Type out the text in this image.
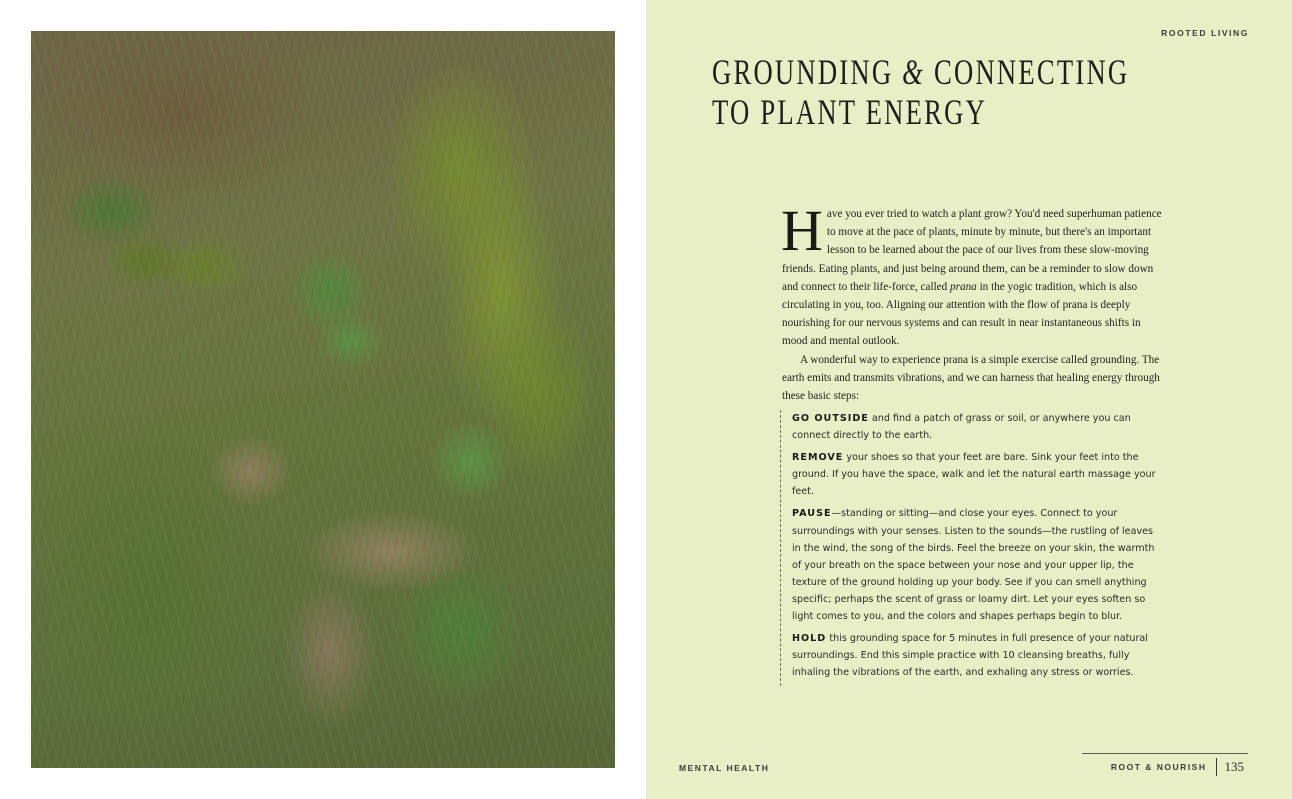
ROOTED LIVING
GROUNDING & CONNECTING
TO PLANT ENERGY

Have you ever tried to watch a plant grow? You'd need superhuman patience to move at the pace of plants, minute by minute, but there's an important lesson to be learned about the pace of our lives from these slow-moving friends. Eating plants, and just being around them, can be a reminder to slow down and connect to their life-force, called prana in the yogic tradition, which is also circulating in you, too. Aligning our attention with the flow of prana is deeply nourishing for our nervous systems and can result in near instantaneous shifts in mood and mental outlook.

A wonderful way to experience prana is a simple exercise called grounding. The earth emits and transmits vibrations, and we can harness that healing energy through these basic steps:

GO OUTSIDE and find a patch of grass or soil, or anywhere you can connect directly to the earth.
REMOVE your shoes so that your feet are bare. Sink your feet into the ground. If you have the space, walk and let the natural earth massage your feet.
PAUSE—standing or sitting—and close your eyes. Connect to your surroundings with your senses. Listen to the sounds—the rustling of leaves in the wind, the song of the birds. Feel the breeze on your skin, the warmth of your breath on the space between your nose and your upper lip, the texture of the ground holding up your body. See if you can smell anything specific; perhaps the scent of grass or loamy dirt. Let your eyes soften so light comes to you, and the colors and shapes perhaps begin to blur.
HOLD this grounding space for 5 minutes in full presence of your natural surroundings. End this simple practice with 10 cleansing breaths, fully inhaling the vibrations of the earth, and exhaling any stress or worries.
MENTAL HEALTH	ROOT & NOURISH 135
